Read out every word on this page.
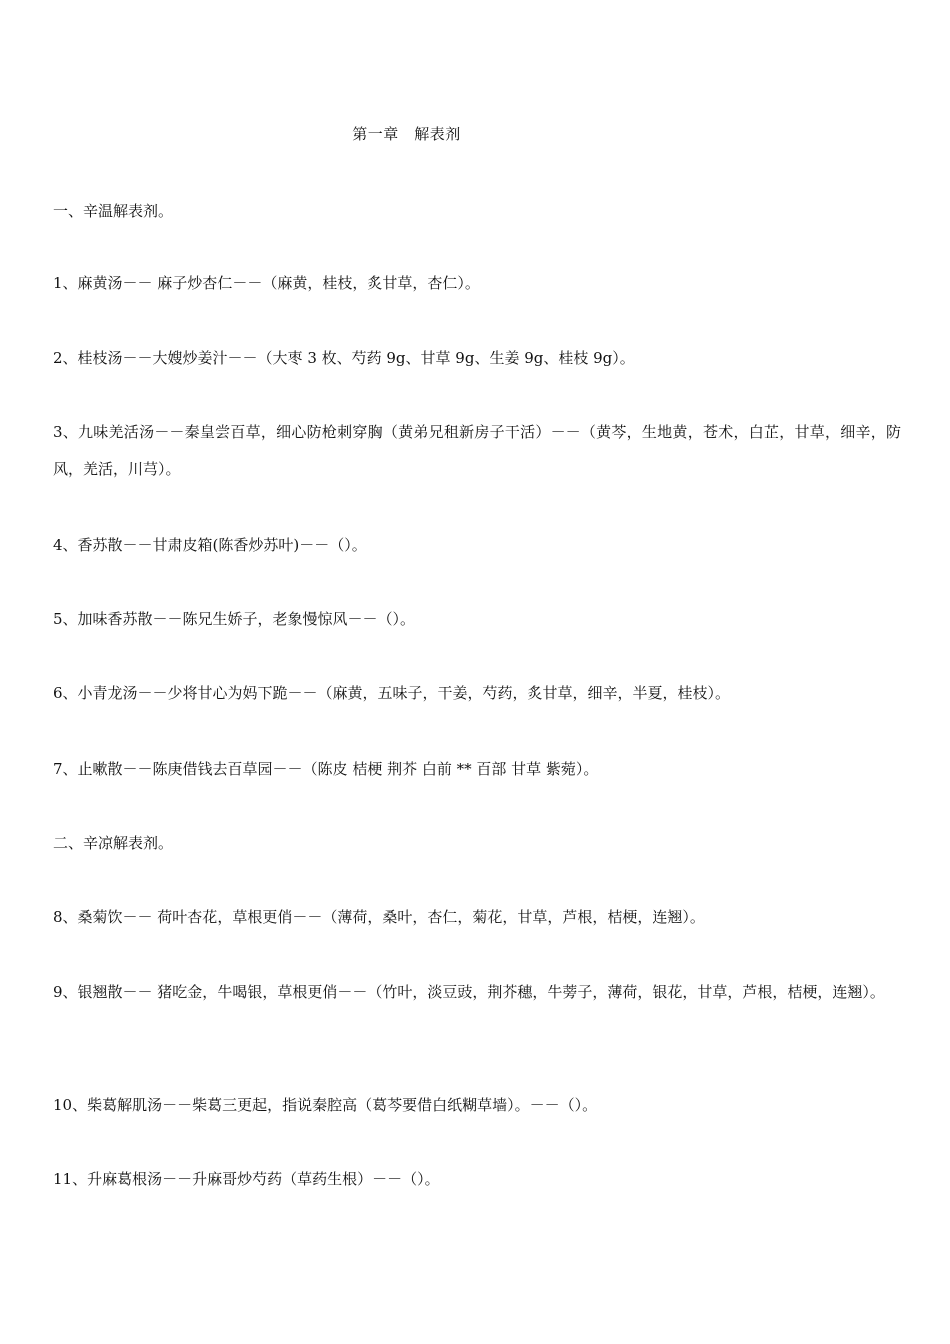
第一章　解表剂
一、辛温解表剂。
1、麻黄汤－－ 麻子炒杏仁－－（麻黄，桂枝，炙甘草，杏仁）。
2、桂枝汤－－大嫂炒姜汁－－（大枣 3 枚、芍药 9g、甘草 9g、生姜 9g、桂枝 9g）。
3、九味羌活汤－－秦皇尝百草，细心防枪刺穿胸（黄弟兄租新房子干活）－－（黄芩，生地黄，苍术，白芷，甘草，细辛，防风，羌活，川芎）。
4、香苏散－－甘肃皮箱(陈香炒苏叶)－－（）。
5、加味香苏散－－陈兄生娇子，老象慢惊风－－（）。
6、小青龙汤－－少将甘心为妈下跪－－（麻黄，五味子，干姜，芍药，炙甘草，细辛，半夏，桂枝）。
7、止嗽散－－陈庚借钱去百草园－－（陈皮 桔梗 荆芥 白前 ** 百部 甘草 紫菀）。
二、辛凉解表剂。
8、桑菊饮－－ 荷叶杏花，草根更俏－－（薄荷，桑叶，杏仁，菊花，甘草，芦根，桔梗，连翘）。
9、银翘散－－ 猪吃金，牛喝银，草根更俏－－（竹叶，淡豆豉，荆芥穗，牛蒡子，薄荷，银花，甘草，芦根，桔梗，连翘）。
10、柴葛解肌汤－－柴葛三更起，指说秦腔高（葛芩要借白纸糊草墙）。－－（）。
11、升麻葛根汤－－升麻哥炒芍药（草药生根）－－（）。
